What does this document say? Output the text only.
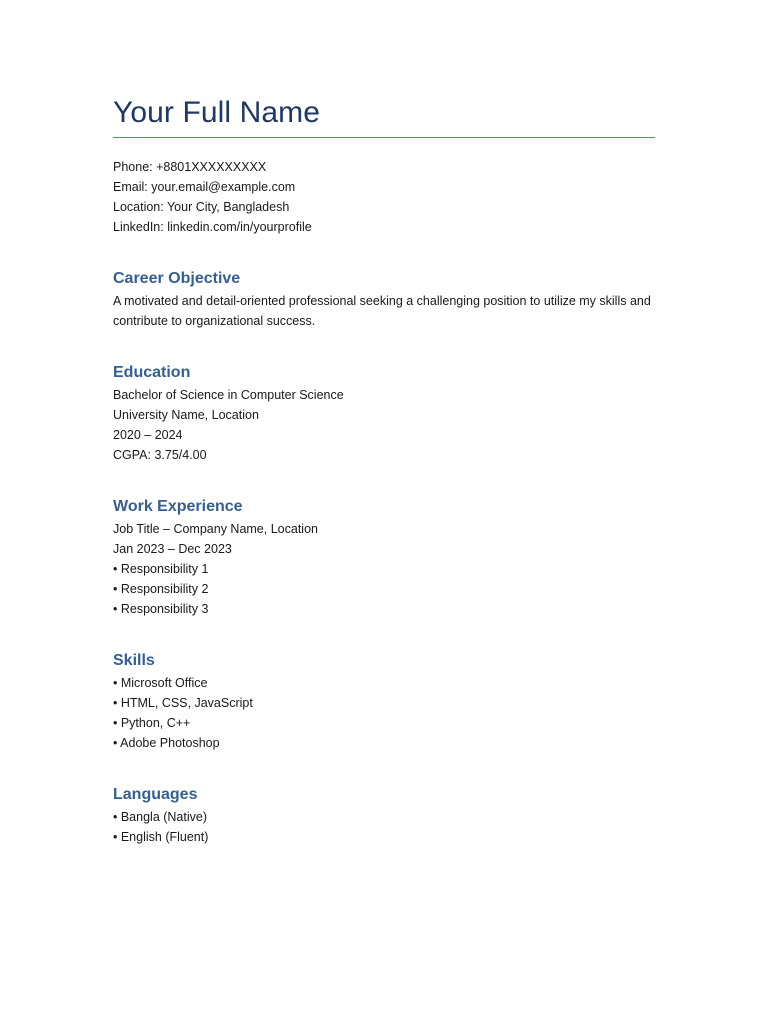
Your Full Name

Phone: +8801XXXXXXXXX

Email: your.email@example.com

Location: Your City, Bangladesh

LinkedIn: linkedin.com/in/yourprofile

Career Objective

A motivated and detail-oriented professional seeking a challenging position to utilize my skills and contribute to organizational success.

Education

Bachelor of Science in Computer Science

University Name, Location

2020 – 2024

CGPA: 3.75/4.00

Work Experience

Job Title – Company Name, Location

Jan 2023 – Dec 2023

• Responsibility 1

• Responsibility 2

• Responsibility 3

Skills

• Microsoft Office

• HTML, CSS, JavaScript

• Python, C++

• Adobe Photoshop

Languages

• Bangla (Native)

• English (Fluent)
